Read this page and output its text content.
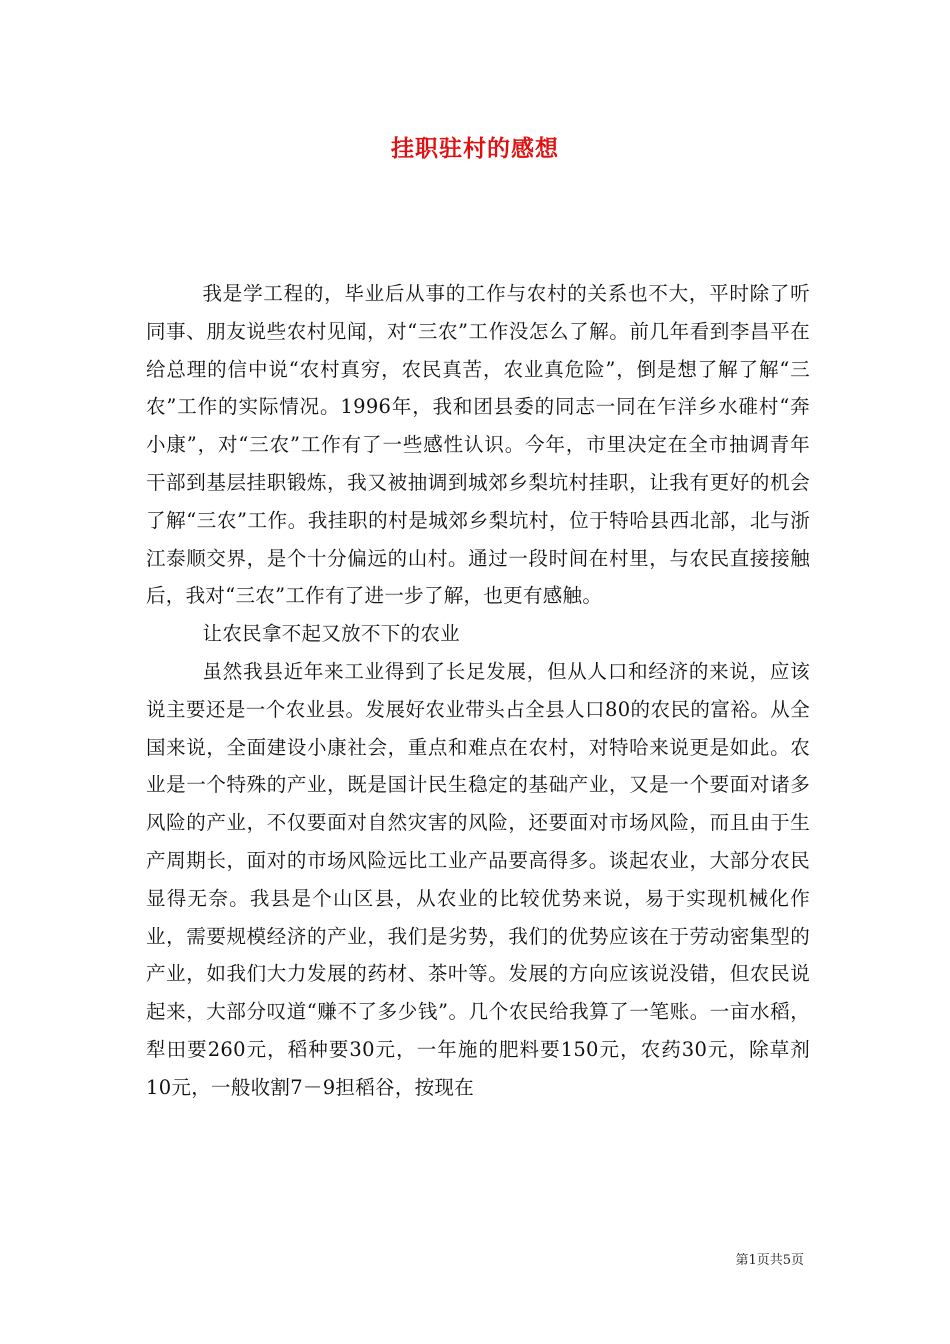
挂职驻村的感想

我是学工程的，毕业后从事的工作与农村的关系也不大，平时除了听同事、朋友说些农村见闻，对“三农”工作没怎么了解。前几年看到李昌平在给总理的信中说“农村真穷，农民真苦，农业真危险”，倒是想了解了解“三农”工作的实际情况。1996年，我和团县委的同志一同在乍洋乡水碓村“奔小康”，对“三农”工作有了一些感性认识。今年，市里决定在全市抽调青年干部到基层挂职锻炼，我又被抽调到城郊乡梨坑村挂职，让我有更好的机会了解“三农”工作。我挂职的村是城郊乡梨坑村，位于特哈县西北部，北与浙江泰顺交界，是个十分偏远的山村。通过一段时间在村里，与农民直接接触后，我对“三农”工作有了进一步了解，也更有感触。

让农民拿不起又放不下的农业

虽然我县近年来工业得到了长足发展，但从人口和经济的来说，应该说主要还是一个农业县。发展好农业带头占全县人口80的农民的富裕。从全国来说，全面建设小康社会，重点和难点在农村，对特哈来说更是如此。农业是一个特殊的产业，既是国计民生稳定的基础产业，又是一个要面对诸多风险的产业，不仅要面对自然灾害的风险，还要面对市场风险，而且由于生产周期长，面对的市场风险远比工业产品要高得多。谈起农业，大部分农民显得无奈。我县是个山区县，从农业的比较优势来说，易于实现机械化作业，需要规模经济的产业，我们是劣势，我们的优势应该在于劳动密集型的产业，如我们大力发展的药材、茶叶等。发展的方向应该说没错，但农民说起来，大部分叹道“赚不了多少钱”。几个农民给我算了一笔账。一亩水稻，犁田要260元，稻种要30元，一年施的肥料要150元，农药30元，除草剂10元，一般收割7－9担稻谷，按现在

第1页共5页
